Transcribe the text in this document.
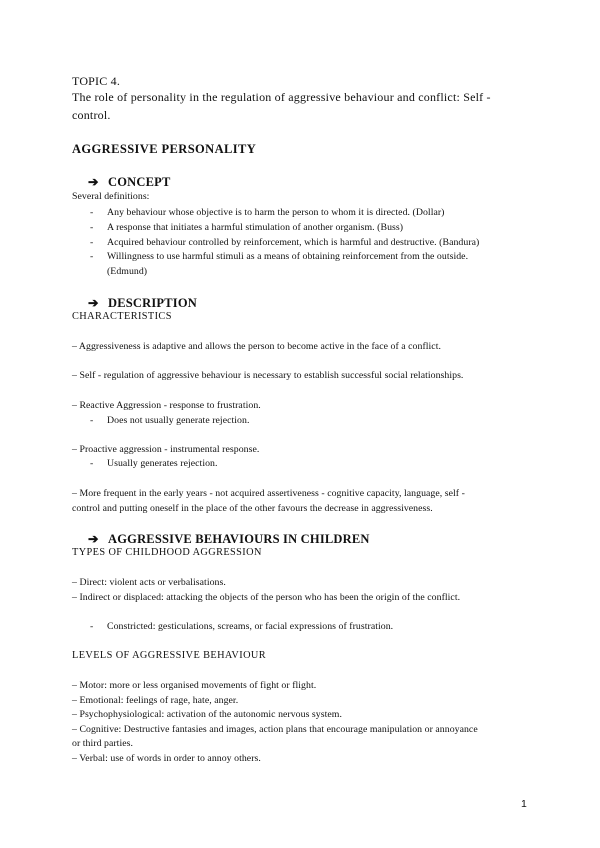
TOPIC 4.
The role of personality in the regulation of aggressive behaviour and conflict: Self -
control.
AGGRESSIVE PERSONALITY
➔ CONCEPT
Several definitions:
- Any behaviour whose objective is to harm the person to whom it is directed. (Dollar)
- A response that initiates a harmful stimulation of another organism. (Buss)
- Acquired behaviour controlled by reinforcement, which is harmful and destructive. (Bandura)
- Willingness to use harmful stimuli as a means of obtaining reinforcement from the outside.
(Edmund)
➔ DESCRIPTION
CHARACTERISTICS
– Aggressiveness is adaptive and allows the person to become active in the face of a conflict.
– Self - regulation of aggressive behaviour is necessary to establish successful social relationships.
– Reactive Aggression - response to frustration.
- Does not usually generate rejection.
– Proactive aggression - instrumental response.
- Usually generates rejection.
– More frequent in the early years - not acquired assertiveness - cognitive capacity, language, self -
control and putting oneself in the place of the other favours the decrease in aggressiveness.
➔ AGGRESSIVE BEHAVIOURS IN CHILDREN
TYPES OF CHILDHOOD AGGRESSION
– Direct: violent acts or verbalisations.
– Indirect or displaced: attacking the objects of the person who has been the origin of the conflict.
- Constricted: gesticulations, screams, or facial expressions of frustration.
LEVELS OF AGGRESSIVE BEHAVIOUR
– Motor: more or less organised movements of fight or flight.
– Emotional: feelings of rage, hate, anger.
– Psychophysiological: activation of the autonomic nervous system.
– Cognitive: Destructive fantasies and images, action plans that encourage manipulation or annoyance
or third parties.
– Verbal: use of words in order to annoy others.
1
